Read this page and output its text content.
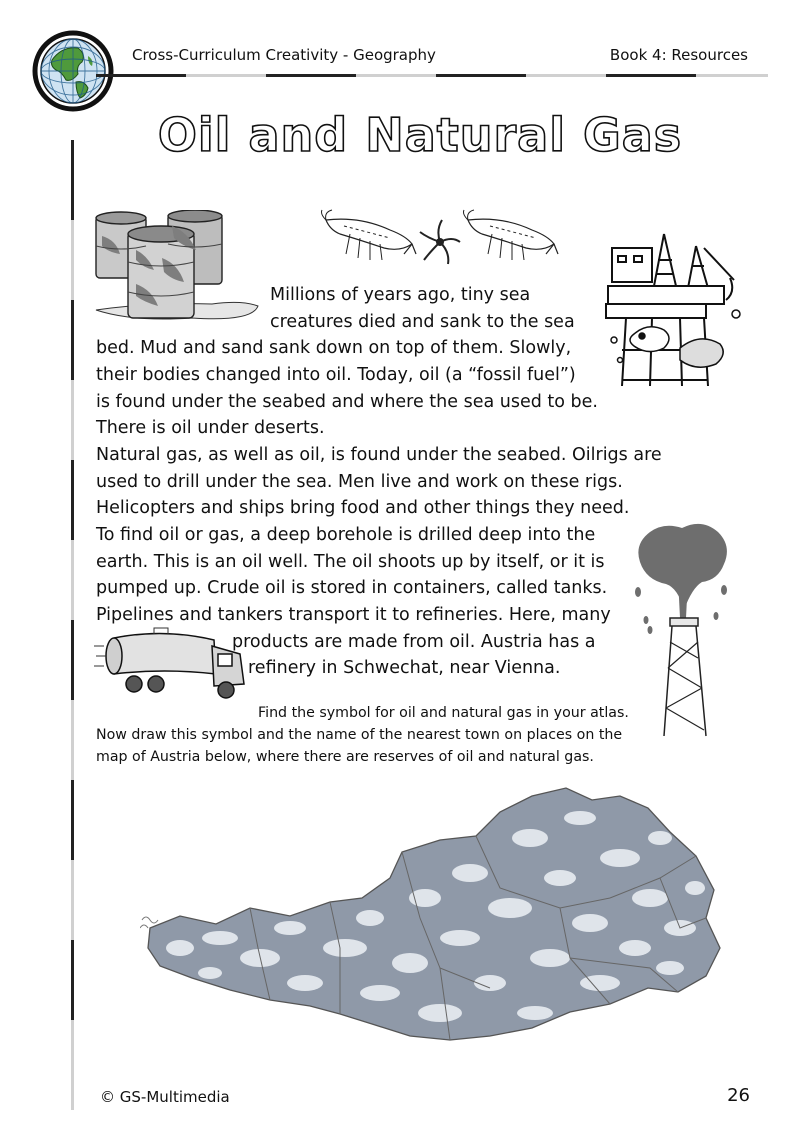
Cross-Curriculum Creativity - Geography	Book 4: Resources
Oil and Natural Gas
Millions of years ago, tiny sea
creatures died and sank to the sea
bed. Mud and sand sank down on top of them. Slowly,
their bodies changed into oil. Today, oil (a “fossil fuel”)
is found under the seabed and where the sea used to be.
There is oil under deserts.
Natural gas, as well as oil, is found under the seabed. Oilrigs are
used to drill under the sea. Men live and work on these rigs.
Helicopters and ships bring food and other things they need.
To find oil or gas, a deep borehole is drilled deep into the
earth. This is an oil well. The oil shoots up by itself, or it is
pumped up. Crude oil is stored in containers, called tanks.
Pipelines and tankers transport it to refineries. Here, many
products are made from oil. Austria has a
refinery in Schwechat, near Vienna.
Find the symbol for oil and natural gas in your atlas.
Now draw this symbol and the name of the nearest town on places on the
map of Austria below, where there are reserves of oil and natural gas.
© GS-Multimedia	26
